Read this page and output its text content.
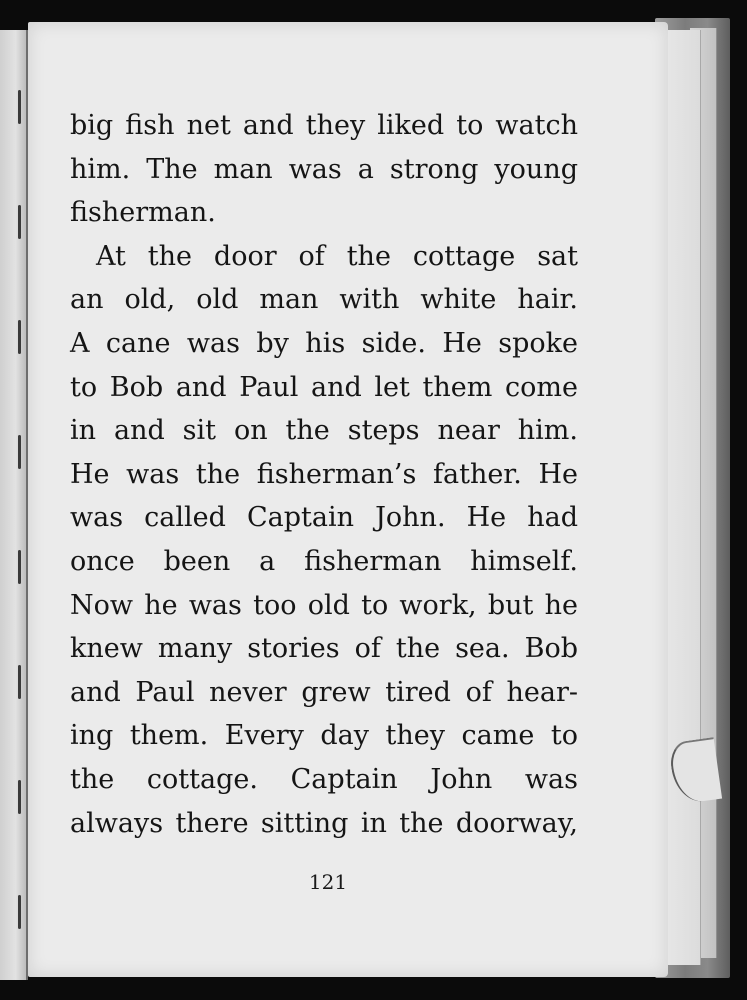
big fish net and they liked to watch
him. The man was a strong young
fisherman.
At the door of the cottage sat
an old, old man with white hair.
A cane was by his side. He spoke
to Bob and Paul and let them come
in and sit on the steps near him.
He was the fisherman’s father. He
was called Captain John. He had
once been a fisherman himself.
Now he was too old to work, but he
knew many stories of the sea. Bob
and Paul never grew tired of hear-
ing them. Every day they came to
the cottage. Captain John was
always there sitting in the doorway,
121
